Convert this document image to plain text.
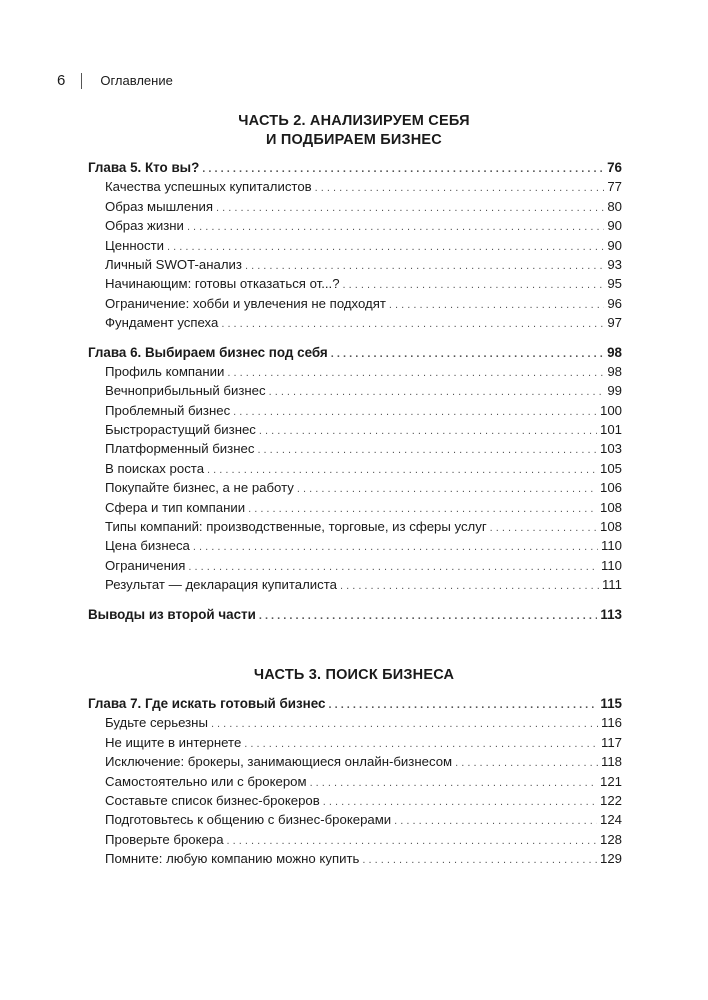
6	Оглавление
ЧАСТЬ 2. АНАЛИЗИРУЕМ СЕБЯ
И ПОДБИРАЕМ БИЗНЕС
Глава 5. Кто вы? . . .	76
Качества успешных купиталистов . . .	77
Образ мышления . . .	80
Образ жизни . . .	90
Ценности . . .	90
Личный SWOT-анализ . . .	93
Начинающим: готовы отказаться от...? . . .	95
Ограничение: хобби и увлечения не подходят . . .	96
Фундамент успеха . . .	97
Глава 6. Выбираем бизнес под себя . . .	98
Профиль компании . . .	98
Вечноприбыльный бизнес . . .	99
Проблемный бизнес . . .	100
Быстрорастущий бизнес . . .	101
Платформенный бизнес . . .	103
В поисках роста . . .	105
Покупайте бизнес, а не работу . . .	106
Сфера и тип компании . . .	108
Типы компаний: производственные, торговые, из сферы услуг . . .	108
Цена бизнеса . . .	110
Ограничения . . .	110
Результат — декларация купиталиста . . .	111
Выводы из второй части . . .	113
ЧАСТЬ 3. ПОИСК БИЗНЕСА
Глава 7. Где искать готовый бизнес . . .	115
Будьте серьезны . . .	116
Не ищите в интернете . . .	117
Исключение: брокеры, занимающиеся онлайн-бизнесом . . .	118
Самостоятельно или с брокером . . .	121
Составьте список бизнес-брокеров . . .	122
Подготовьтесь к общению с бизнес-брокерами . . .	124
Проверьте брокера . . .	128
Помните: любую компанию можно купить . . .	129
